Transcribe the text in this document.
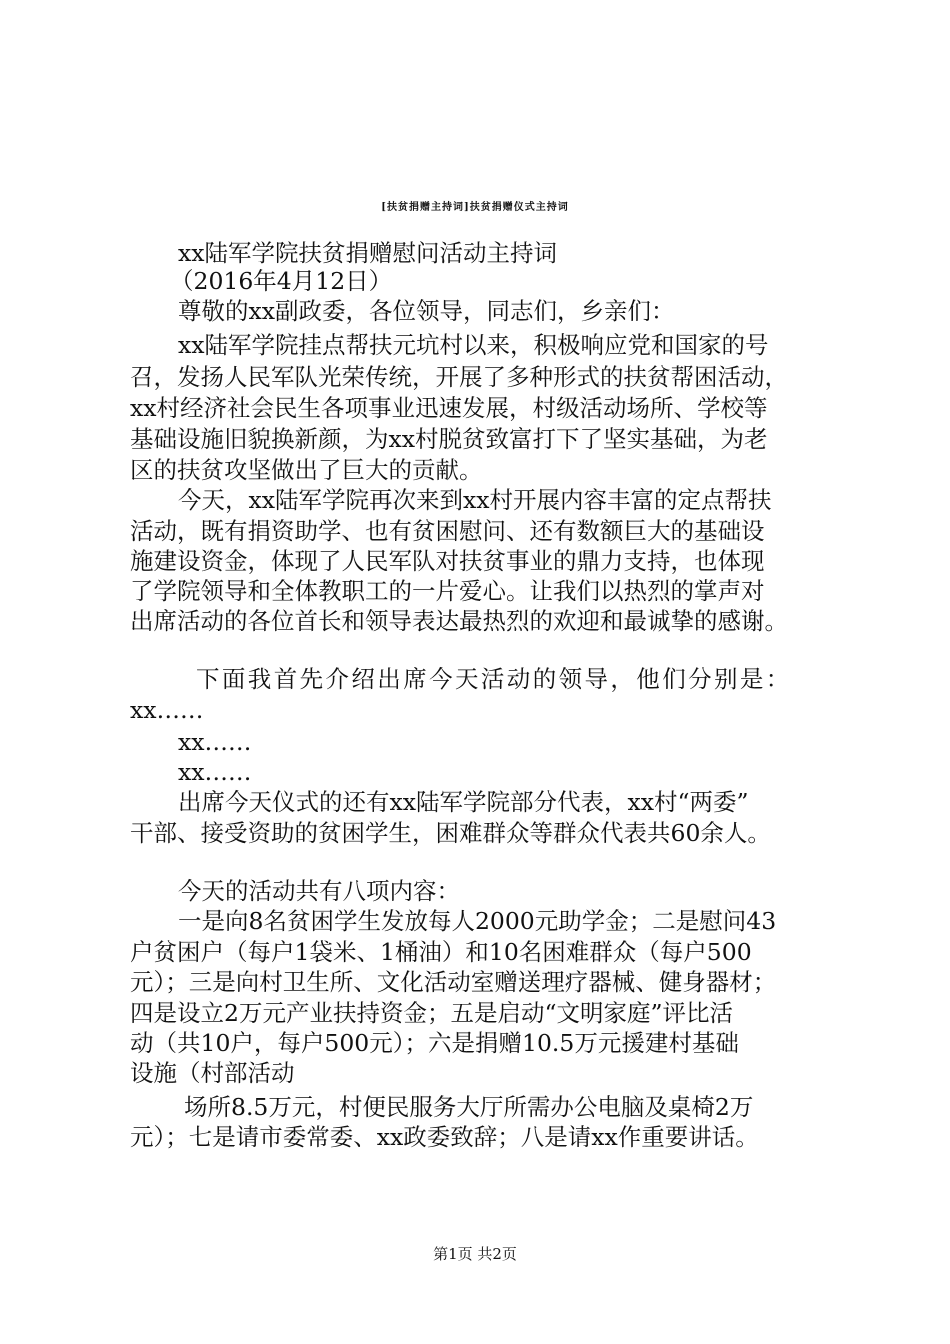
[扶贫捐赠主持词]扶贫捐赠仪式主持词
xx陆军学院扶贫捐赠慰问活动主持词
（2016年4月12日）
尊敬的xx副政委，各位领导，同志们，乡亲们：
xx陆军学院挂点帮扶元坑村以来，积极响应党和国家的号
召，发扬人民军队光荣传统，开展了多种形式的扶贫帮困活动，
xx村经济社会民生各项事业迅速发展，村级活动场所、学校等
基础设施旧貌换新颜，为xx村脱贫致富打下了坚实基础，为老
区的扶贫攻坚做出了巨大的贡献。
今天，xx陆军学院再次来到xx村开展内容丰富的定点帮扶
活动，既有捐资助学、也有贫困慰问、还有数额巨大的基础设
施建设资金，体现了人民军队对扶贫事业的鼎力支持，也体现
了学院领导和全体教职工的一片爱心。让我们以热烈的掌声对
出席活动的各位首长和领导表达最热烈的欢迎和最诚挚的感谢。
下面我首先介绍出席今天活动的领导，他们分别是：
xx……
xx……
xx……
出席今天仪式的还有xx陆军学院部分代表，xx村“两委”
干部、接受资助的贫困学生，困难群众等群众代表共60余人。
今天的活动共有八项内容：
一是向8名贫困学生发放每人2000元助学金；二是慰问43
户贫困户（每户1袋米、1桶油）和10名困难群众（每户500
元）；三是向村卫生所、文化活动室赠送理疗器械、健身器材；
四是设立2万元产业扶持资金；五是启动“文明家庭”评比活
动（共10户，每户500元）；六是捐赠10.5万元援建村基础
设施（村部活动
场所8.5万元，村便民服务大厅所需办公电脑及桌椅2万
元）；七是请市委常委、xx政委致辞；八是请xx作重要讲话。
第1页 共2页
